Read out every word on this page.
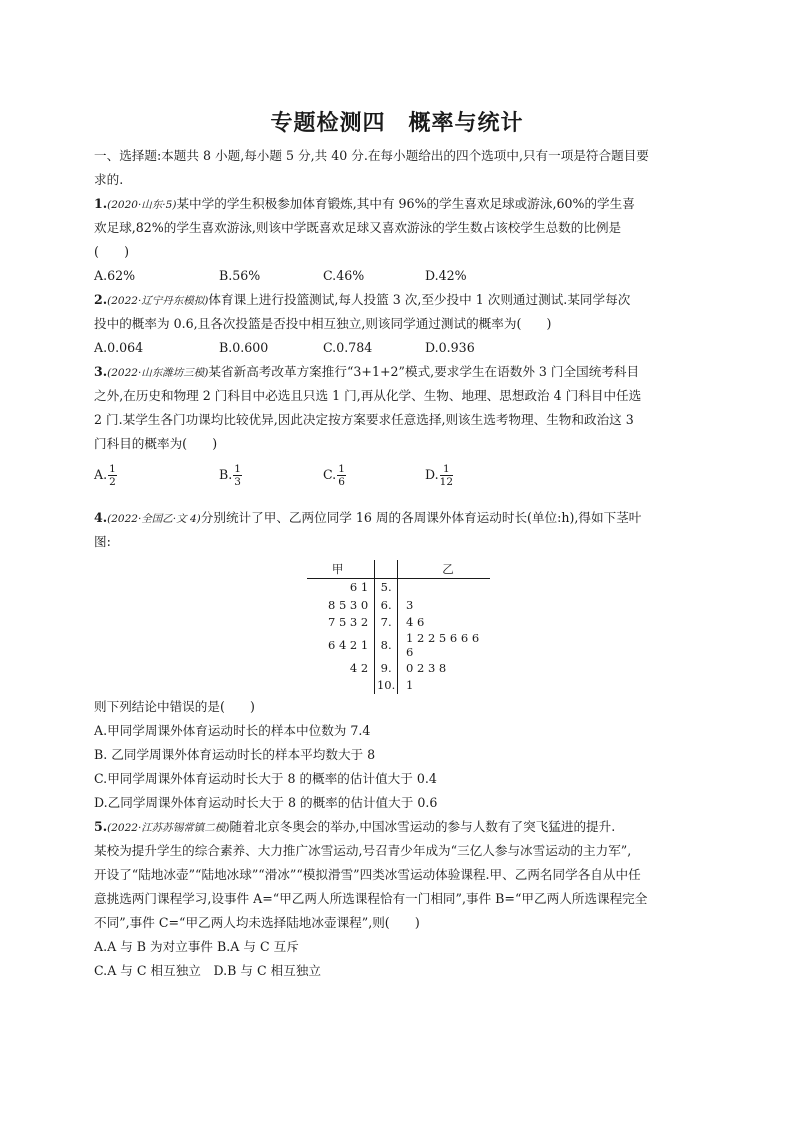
专题检测四　概率与统计
一、选择题:本题共 8 小题,每小题 5 分,共 40 分.在每小题给出的四个选项中,只有一项是符合题目要
求的.
1.(2020·山东·5)某中学的学生积极参加体育锻炼,其中有 96%的学生喜欢足球或游泳,60%的学生喜
欢足球,82%的学生喜欢游泳,则该中学既喜欢足球又喜欢游泳的学生数占该校学生总数的比例是
(　　)
A.62%	B.56%	C.46%	D.42%
2.(2022·辽宁丹东模拟)体育课上进行投篮测试,每人投篮 3 次,至少投中 1 次则通过测试.某同学每次
投中的概率为 0.6,且各次投篮是否投中相互独立,则该同学通过测试的概率为(　　)
A.0.064	B.0.600	C.0.784	D.0.936
3.(2022·山东潍坊三模)某省新高考改革方案推行“3+1+2”模式,要求学生在语数外 3 门全国统考科目
之外,在历史和物理 2 门科目中必选且只选 1 门,再从化学、生物、地理、思想政治 4 门科目中任选
2 门.某学生各门功课均比较优异,因此决定按方案要求任意选择,则该生选考物理、生物和政治这 3
门科目的概率为(　　)
A. $\frac{1}{2}$	B. $\frac{1}{3}$	C. $\frac{1}{6}$	D. $\frac{1}{12}$
4.(2022·全国乙·文 4)分别统计了甲、乙两位同学 16 周的各周课外体育运动时长(单位:h),得如下茎叶
图:
甲		乙
6 1	5.	
8 5 3 0	6.	3
7 5 3 2	7.	4 6
6 4 2 1	8.	1 2 2 5 6 6 6 6
4 2	9.	0 2 3 8
	10.	1
则下列结论中错误的是(　　)
A.甲同学周课外体育运动时长的样本中位数为 7.4
B. 乙同学周课外体育运动时长的样本平均数大于 8
C.甲同学周课外体育运动时长大于 8 的概率的估计值大于 0.4
D.乙同学周课外体育运动时长大于 8 的概率的估计值大于 0.6
5.(2022·江苏苏锡常镇二模)随着北京冬奥会的举办,中国冰雪运动的参与人数有了突飞猛进的提升.
某校为提升学生的综合素养、大力推广冰雪运动,号召青少年成为“三亿人参与冰雪运动的主力军”,
开设了“陆地冰壶”“陆地冰球”“滑冰”“模拟滑雪”四类冰雪运动体验课程.甲、乙两名同学各自从中任
意挑选两门课程学习,设事件 A=“甲乙两人所选课程恰有一门相同”,事件 B=“甲乙两人所选课程完全
不同”,事件 C=“甲乙两人均未选择陆地冰壶课程”,则(　　)
A.A 与 B 为对立事件 B.A 与 C 互斥
C.A 与 C 相互独立　D.B 与 C 相互独立
